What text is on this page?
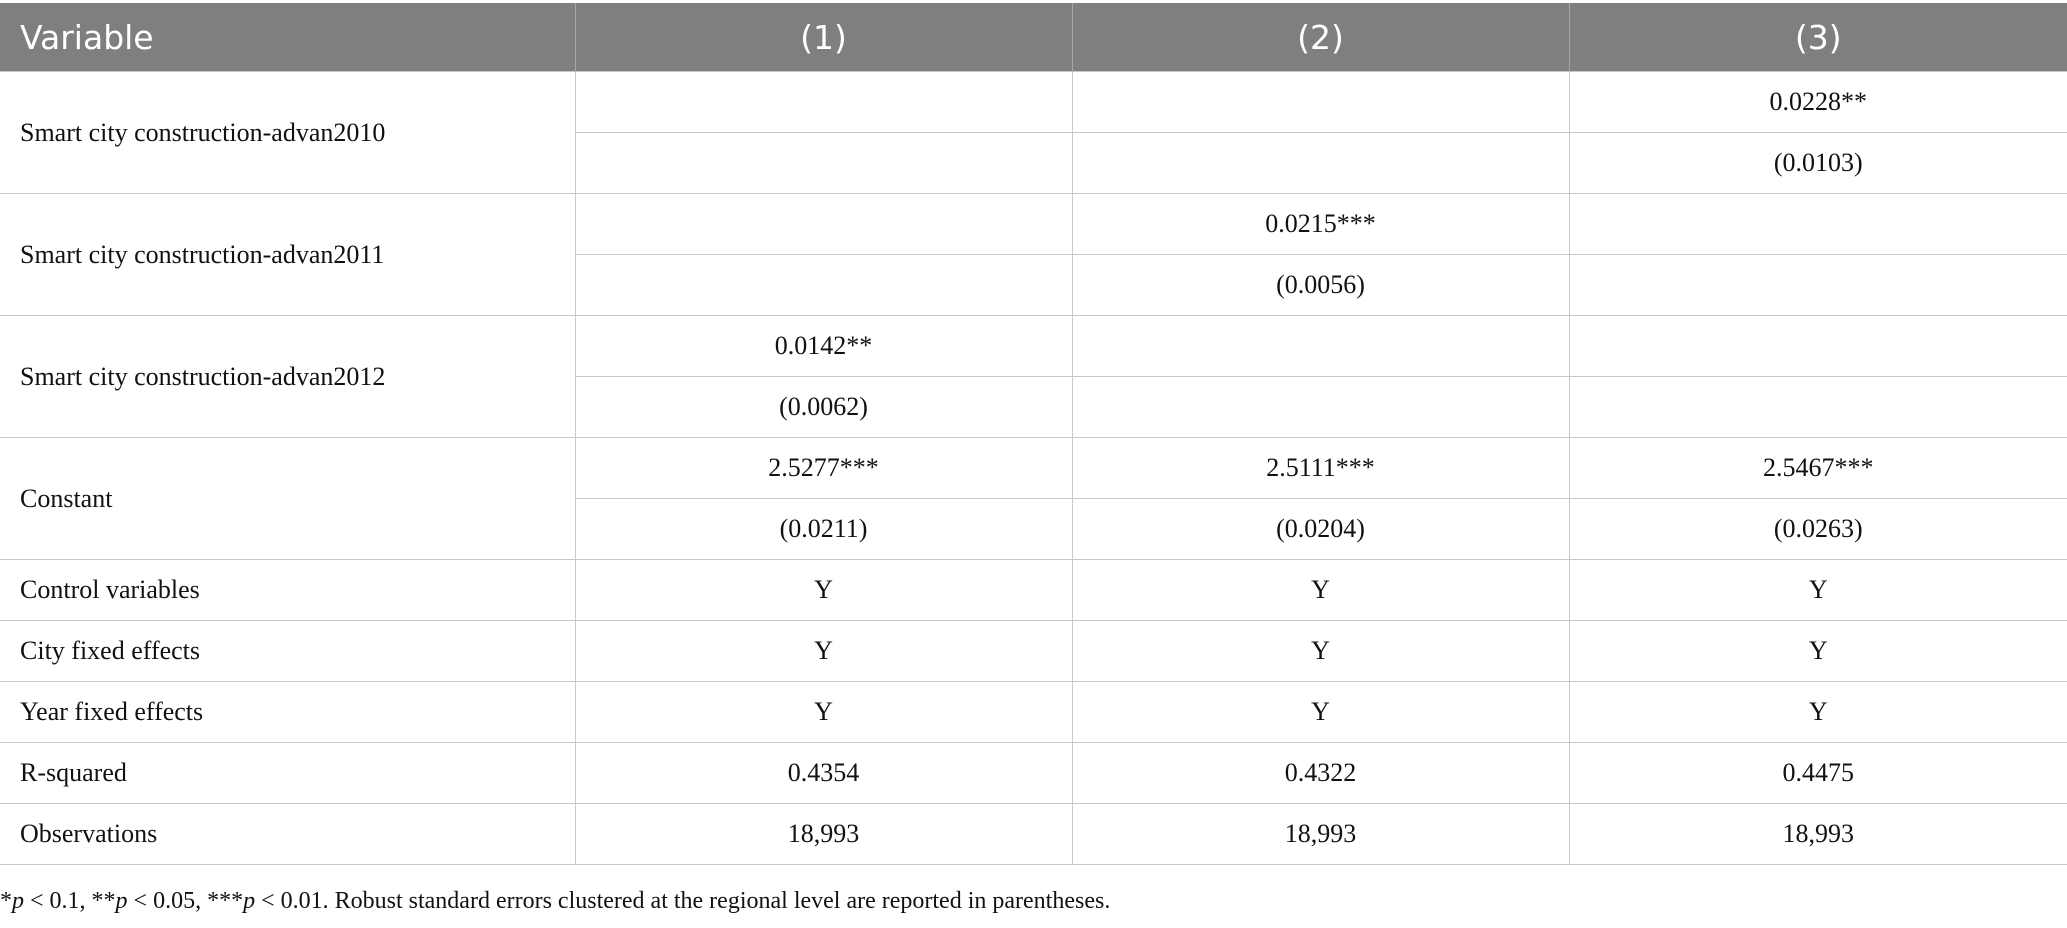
Variable	(1)	(2)	(3)
Smart city construction-advan2010			0.0228**
			(0.0103)
Smart city construction-advan2011		0.0215***	
		(0.0056)	
Smart city construction-advan2012	0.0142**		
	(0.0062)		
Constant	2.5277***	2.5111***	2.5467***
	(0.0211)	(0.0204)	(0.0263)
Control variables	Y	Y	Y
City fixed effects	Y	Y	Y
Year fixed effects	Y	Y	Y
R-squared	0.4354	0.4322	0.4475
Observations	18,993	18,993	18,993
*p < 0.1, **p < 0.05, ***p < 0.01. Robust standard errors clustered at the regional level are reported in parentheses.
